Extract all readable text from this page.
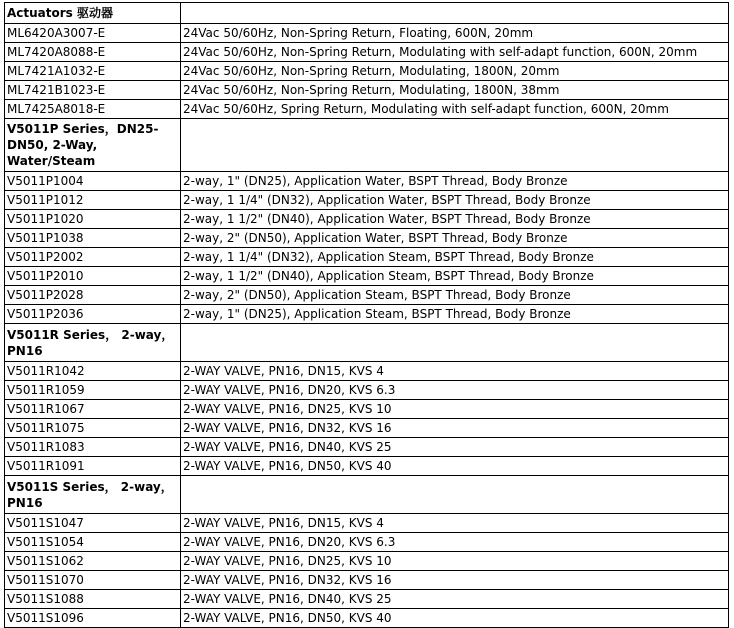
Actuators 驱动器	
ML6420A3007-E	24Vac 50/60Hz, Non-Spring Return, Floating, 600N, 20mm
ML7420A8088-E	24Vac 50/60Hz, Non-Spring Return, Modulating with self-adapt function, 600N, 20mm
ML7421A1032-E	24Vac 50/60Hz, Non-Spring Return, Modulating, 1800N, 20mm
ML7421B1023-E	24Vac 50/60Hz, Non-Spring Return, Modulating, 1800N, 38mm
ML7425A8018-E	24Vac 50/60Hz, Spring Return, Modulating with self-adapt function, 600N, 20mm
V5011P Series，DN25-DN50, 2-Way, Water/Steam	
V5011P1004	2-way, 1" (DN25), Application Water, BSPT Thread, Body Bronze
V5011P1012	2-way, 1 1/4" (DN32), Application Water, BSPT Thread, Body Bronze
V5011P1020	2-way, 1 1/2" (DN40), Application Water, BSPT Thread, Body Bronze
V5011P1038	2-way, 2" (DN50), Application Water, BSPT Thread, Body Bronze
V5011P2002	2-way, 1 1/4" (DN32), Application Steam, BSPT Thread, Body Bronze
V5011P2010	2-way, 1 1/2" (DN40), Application Steam, BSPT Thread, Body Bronze
V5011P2028	2-way, 2" (DN50), Application Steam, BSPT Thread, Body Bronze
V5011P2036	2-way, 1" (DN25), Application Steam, BSPT Thread, Body Bronze
V5011R Series， 2-way，PN16	
V5011R1042	2-WAY VALVE, PN16, DN15, KVS 4
V5011R1059	2-WAY VALVE, PN16, DN20, KVS 6.3
V5011R1067	2-WAY VALVE, PN16, DN25, KVS 10
V5011R1075	2-WAY VALVE, PN16, DN32, KVS 16
V5011R1083	2-WAY VALVE, PN16, DN40, KVS 25
V5011R1091	2-WAY VALVE, PN16, DN50, KVS 40
V5011S Series， 2-way，PN16	
V5011S1047	2-WAY VALVE, PN16, DN15, KVS 4
V5011S1054	2-WAY VALVE, PN16, DN20, KVS 6.3
V5011S1062	2-WAY VALVE, PN16, DN25, KVS 10
V5011S1070	2-WAY VALVE, PN16, DN32, KVS 16
V5011S1088	2-WAY VALVE, PN16, DN40, KVS 25
V5011S1096	2-WAY VALVE, PN16, DN50, KVS 40
